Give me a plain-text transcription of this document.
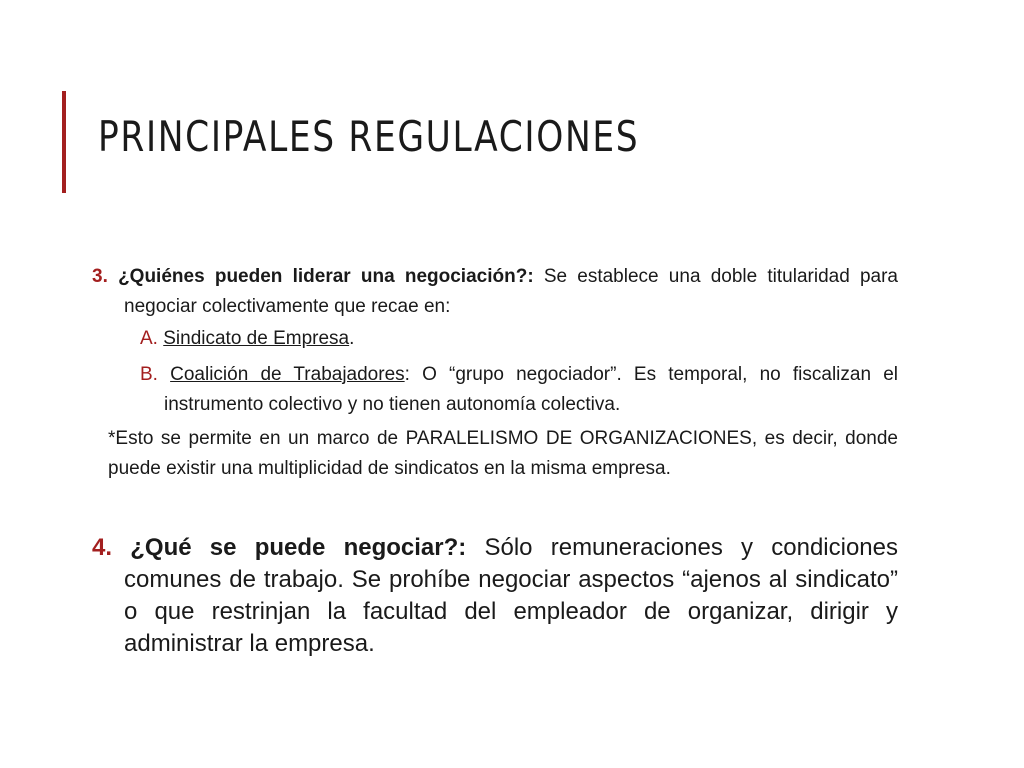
PRINCIPALES REGULACIONES

3. ¿Quiénes pueden liderar una negociación?: Se establece una doble titularidad para negociar colectivamente que recae en:

A. Sindicato de Empresa.

B. Coalición de Trabajadores: O “grupo negociador”. Es temporal, no fiscalizan el instrumento colectivo y no tienen autonomía colectiva.

*Esto se permite en un marco de PARALELISMO DE ORGANIZACIONES, es decir, donde puede existir una multiplicidad de sindicatos en la misma empresa.

4. ¿Qué se puede negociar?: Sólo remuneraciones y condiciones comunes de trabajo. Se prohíbe negociar aspectos “ajenos al sindicato” o que restrinjan la facultad del empleador de organizar, dirigir y administrar la empresa.
